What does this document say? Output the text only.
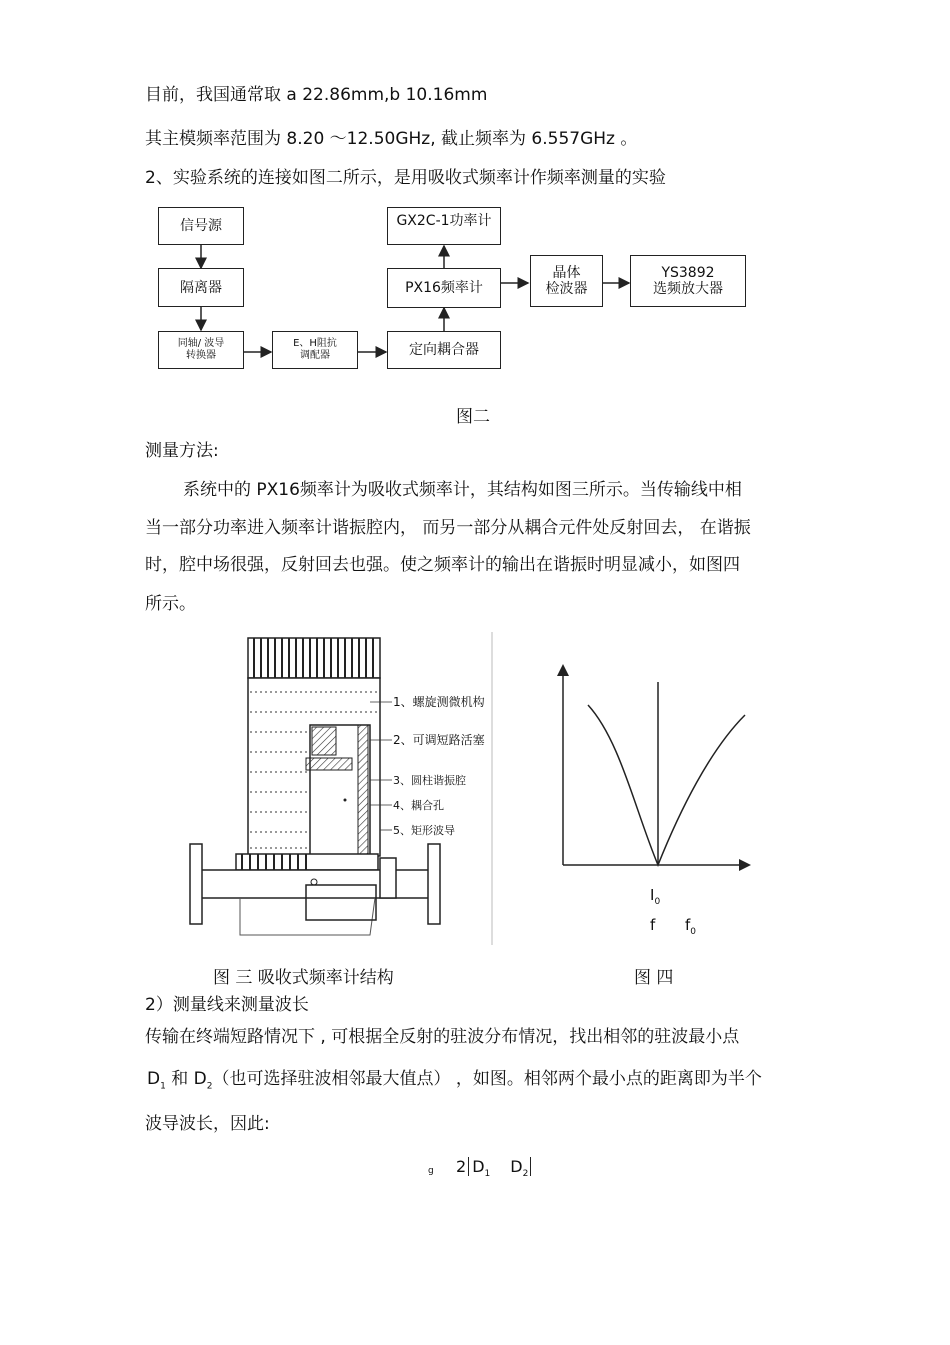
目前，我国通常取 a 22.86mm,b 10.16mm
其主模频率范围为 8.20 ～12.50GHz, 截止频率为 6.557GHz 。
2、实验系统的连接如图二所示，是用吸收式频率计作频率测量的实验
信号源
隔离器
同轴/ 波导
转换器
E、H阻抗
调配器	定向耦合器
PX16频率计
GX2C-1功率计
晶体
检波器
YS3892
选频放大器
图二
测量方法:
系统中的 PX16频率计为吸收式频率计，其结构如图三所示。当传输线中相
当一部分功率进入频率计谐振腔内， 而另一部分从耦合元件处反射回去， 在谐振
时，腔中场很强，反射回去也强。使之频率计的输出在谐振时明显减小，如图四
所示。
1、螺旋测微机构
2、可调短路活塞
3、圆柱谐振腔
4、耦合孔
5、矩形波导
$I_0$
f $f_0$
图 三 吸收式频率计结构	图 四
2）测量线来测量波长
传输在终端短路情况下 , 可根据全反射的驻波分布情况，找出相邻的驻波最小点
$D_1$ 和 $D_2$（也可选择驻波相邻最大值点） ，如图。相邻两个最小点的距离即为半个
波导波长，因此:
g 2 $D_1$ $D_2$
